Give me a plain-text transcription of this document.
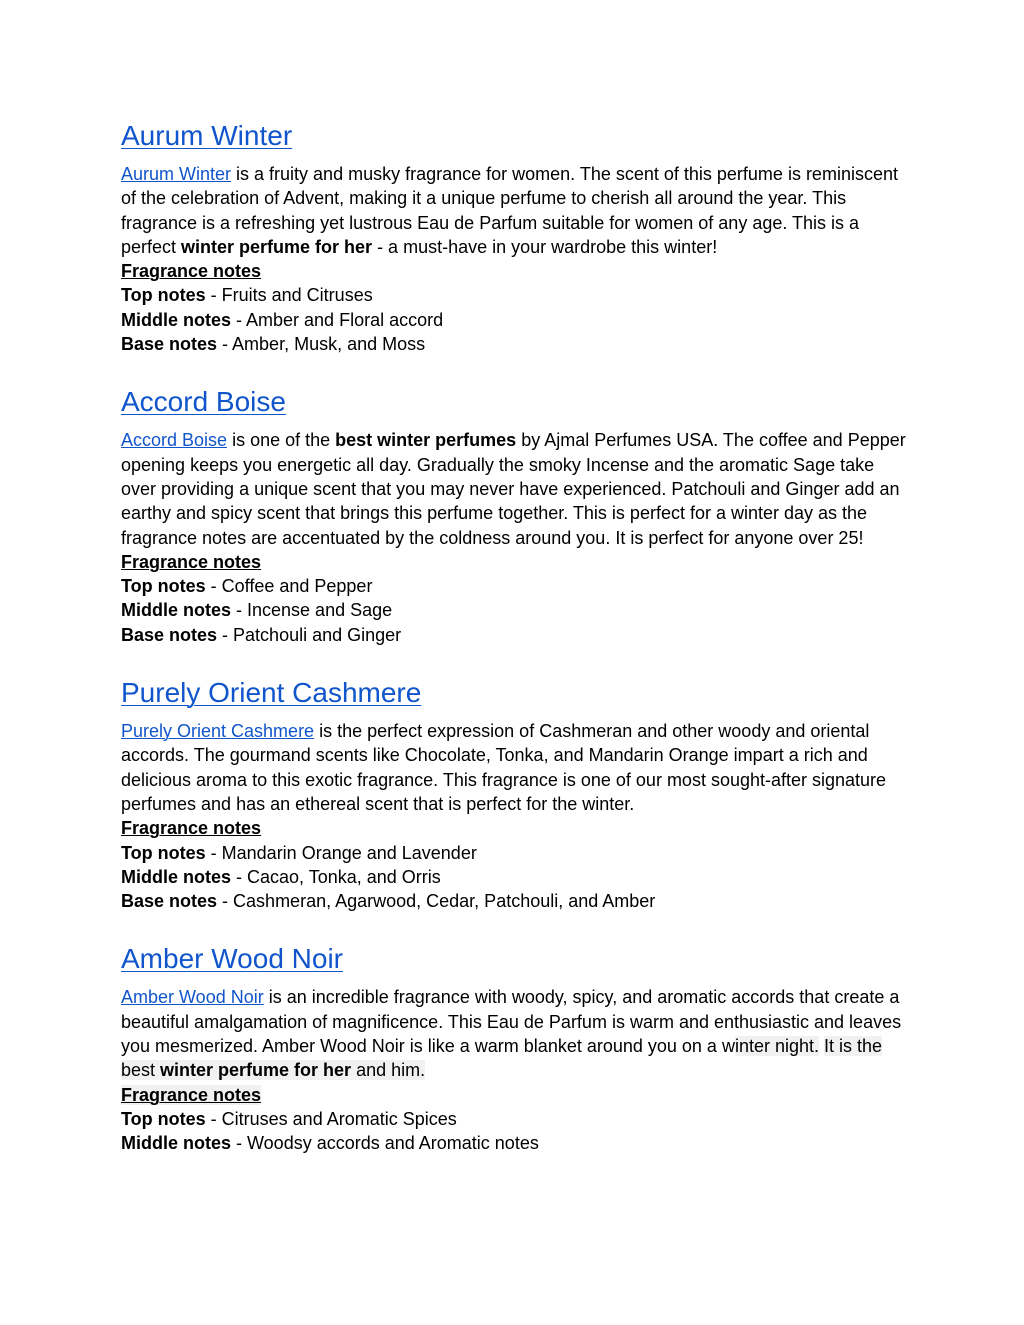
Aurum Winter
Aurum Winter is a fruity and musky fragrance for women. The scent of this perfume is reminiscent of the celebration of Advent, making it a unique perfume to cherish all around the year. This fragrance is a refreshing yet lustrous Eau de Parfum suitable for women of any age. This is a perfect winter perfume for her - a must-have in your wardrobe this winter!
Fragrance notes
Top notes - Fruits and Citruses
Middle notes - Amber and Floral accord
Base notes - Amber, Musk, and Moss
Accord Boise
Accord Boise is one of the best winter perfumes by Ajmal Perfumes USA. The coffee and Pepper opening keeps you energetic all day. Gradually the smoky Incense and the aromatic Sage take over providing a unique scent that you may never have experienced. Patchouli and Ginger add an earthy and spicy scent that brings this perfume together. This is perfect for a winter day as the fragrance notes are accentuated by the coldness around you. It is perfect for anyone over 25!
Fragrance notes
Top notes - Coffee and Pepper
Middle notes - Incense and Sage
Base notes - Patchouli and Ginger
Purely Orient Cashmere
Purely Orient Cashmere is the perfect expression of Cashmeran and other woody and oriental accords. The gourmand scents like Chocolate, Tonka, and Mandarin Orange impart a rich and delicious aroma to this exotic fragrance. This fragrance is one of our most sought-after signature perfumes and has an ethereal scent that is perfect for the winter.
Fragrance notes
Top notes - Mandarin Orange and Lavender
Middle notes - Cacao, Tonka, and Orris
Base notes - Cashmeran, Agarwood, Cedar, Patchouli, and Amber
Amber Wood Noir
Amber Wood Noir is an incredible fragrance with woody, spicy, and aromatic accords that create a beautiful amalgamation of magnificence. This Eau de Parfum is warm and enthusiastic and leaves you mesmerized. Amber Wood Noir is like a warm blanket around you on a winter night. It is the best winter perfume for her and him.
Fragrance notes
Top notes - Citruses and Aromatic Spices
Middle notes - Woodsy accords and Aromatic notes
